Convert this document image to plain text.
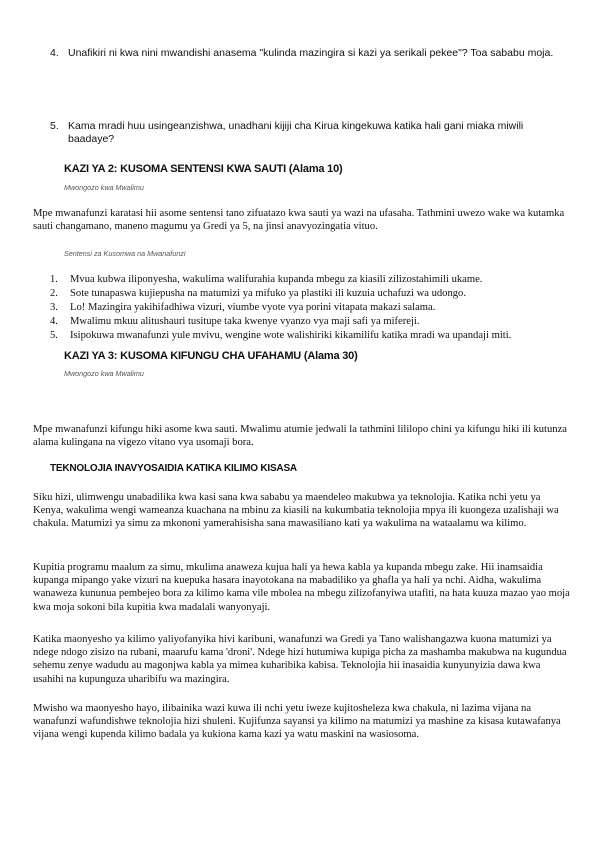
4. Unafikiri ni kwa nini mwandishi anasema "kulinda mazingira si kazi ya serikali pekee"? Toa sababu moja.
5. Kama mradi huu usingeanzishwa, unadhani kijiji cha Kirua kingekuwa katika hali gani miaka miwili baadaye?
KAZI YA 2: KUSOMA SENTENSI KWA SAUTI (Alama 10)
Mwongozo kwa Mwalimu
Mpe mwanafunzi karatasi hii asome sentensi tano zifuatazo kwa sauti ya wazi na ufasaha. Tathmini uwezo wake wa kutamka sauti changamano, maneno magumu ya Gredi ya 5, na jinsi anavyozingatia vituo.
Sentensi za Kusomwa na Mwanafunzi
1. Mvua kubwa iliponyesha, wakulima walifurahia kupanda mbegu za kiasili zilizostahimili ukame.
2. Sote tunapaswa kujiepusha na matumizi ya mifuko ya plastiki ili kuzuia uchafuzi wa udongo.
3. Lo! Mazingira yakihifadhiwa vizuri, viumbe vyote vya porini vitapata makazi salama.
4. Mwalimu mkuu alitushauri tusitupe taka kwenye vyanzo vya maji safi ya mifereji.
5. Isipokuwa mwanafunzi yule mvivu, wengine wote walishiriki kikamilifu katika mradi wa upandaji miti.
KAZI YA 3: KUSOMA KIFUNGU CHA UFAHAMU (Alama 30)
Mwongozo kwa Mwalimu
Mpe mwanafunzi kifungu hiki asome kwa sauti. Mwalimu atumie jedwali la tathmini lililopo chini ya kifungu hiki ili kutunza alama kulingana na vigezo vitano vya usomaji bora.
TEKNOLOJIA INAVYOSAIDIA KATIKA KILIMO KISASA
Siku hizi, ulimwengu unabadilika kwa kasi sana kwa sababu ya maendeleo makubwa ya teknolojia. Katika nchi yetu ya Kenya, wakulima wengi wameanza kuachana na mbinu za kiasili na kukumbatia teknolojia mpya ili kuongeza uzalishaji wa chakula. Matumizi ya simu za mkononi yamerahisisha sana mawasiliano kati ya wakulima na wataalamu wa kilimo.
Kupitia programu maalum za simu, mkulima anaweza kujua hali ya hewa kabla ya kupanda mbegu zake. Hii inamsaidia kupanga mipango yake vizuri na kuepuka hasara inayotokana na mabadiliko ya ghafla ya hali ya nchi. Aidha, wakulima wanaweza kununua pembejeo bora za kilimo kama vile mbolea na mbegu zilizofanyiwa utafiti, na hata kuuza mazao yao moja kwa moja sokoni bila kupitia kwa madalali wanyonyaji.
Katika maonyesho ya kilimo yaliyofanyika hivi karibuni, wanafunzi wa Gredi ya Tano walishangazwa kuona matumizi ya ndege ndogo zisizo na rubani, maarufu kama 'droni'. Ndege hizi hutumiwa kupiga picha za mashamba makubwa na kugundua sehemu zenye wadudu au magonjwa kabla ya mimea kuharibika kabisa. Teknolojia hii inasaidia kunyunyizia dawa kwa usahihi na kupunguza uharibifu wa mazingira.
Mwisho wa maonyesho hayo, ilibainika wazi kuwa ili nchi yetu iweze kujitosheleza kwa chakula, ni lazima vijana na wanafunzi wafundishwe teknolojia hizi shuleni. Kujifunza sayansi ya kilimo na matumizi ya mashine za kisasa kutawafanya vijana wengi kupenda kilimo badala ya kukiona kama kazi ya watu maskini na wasiosoma.
